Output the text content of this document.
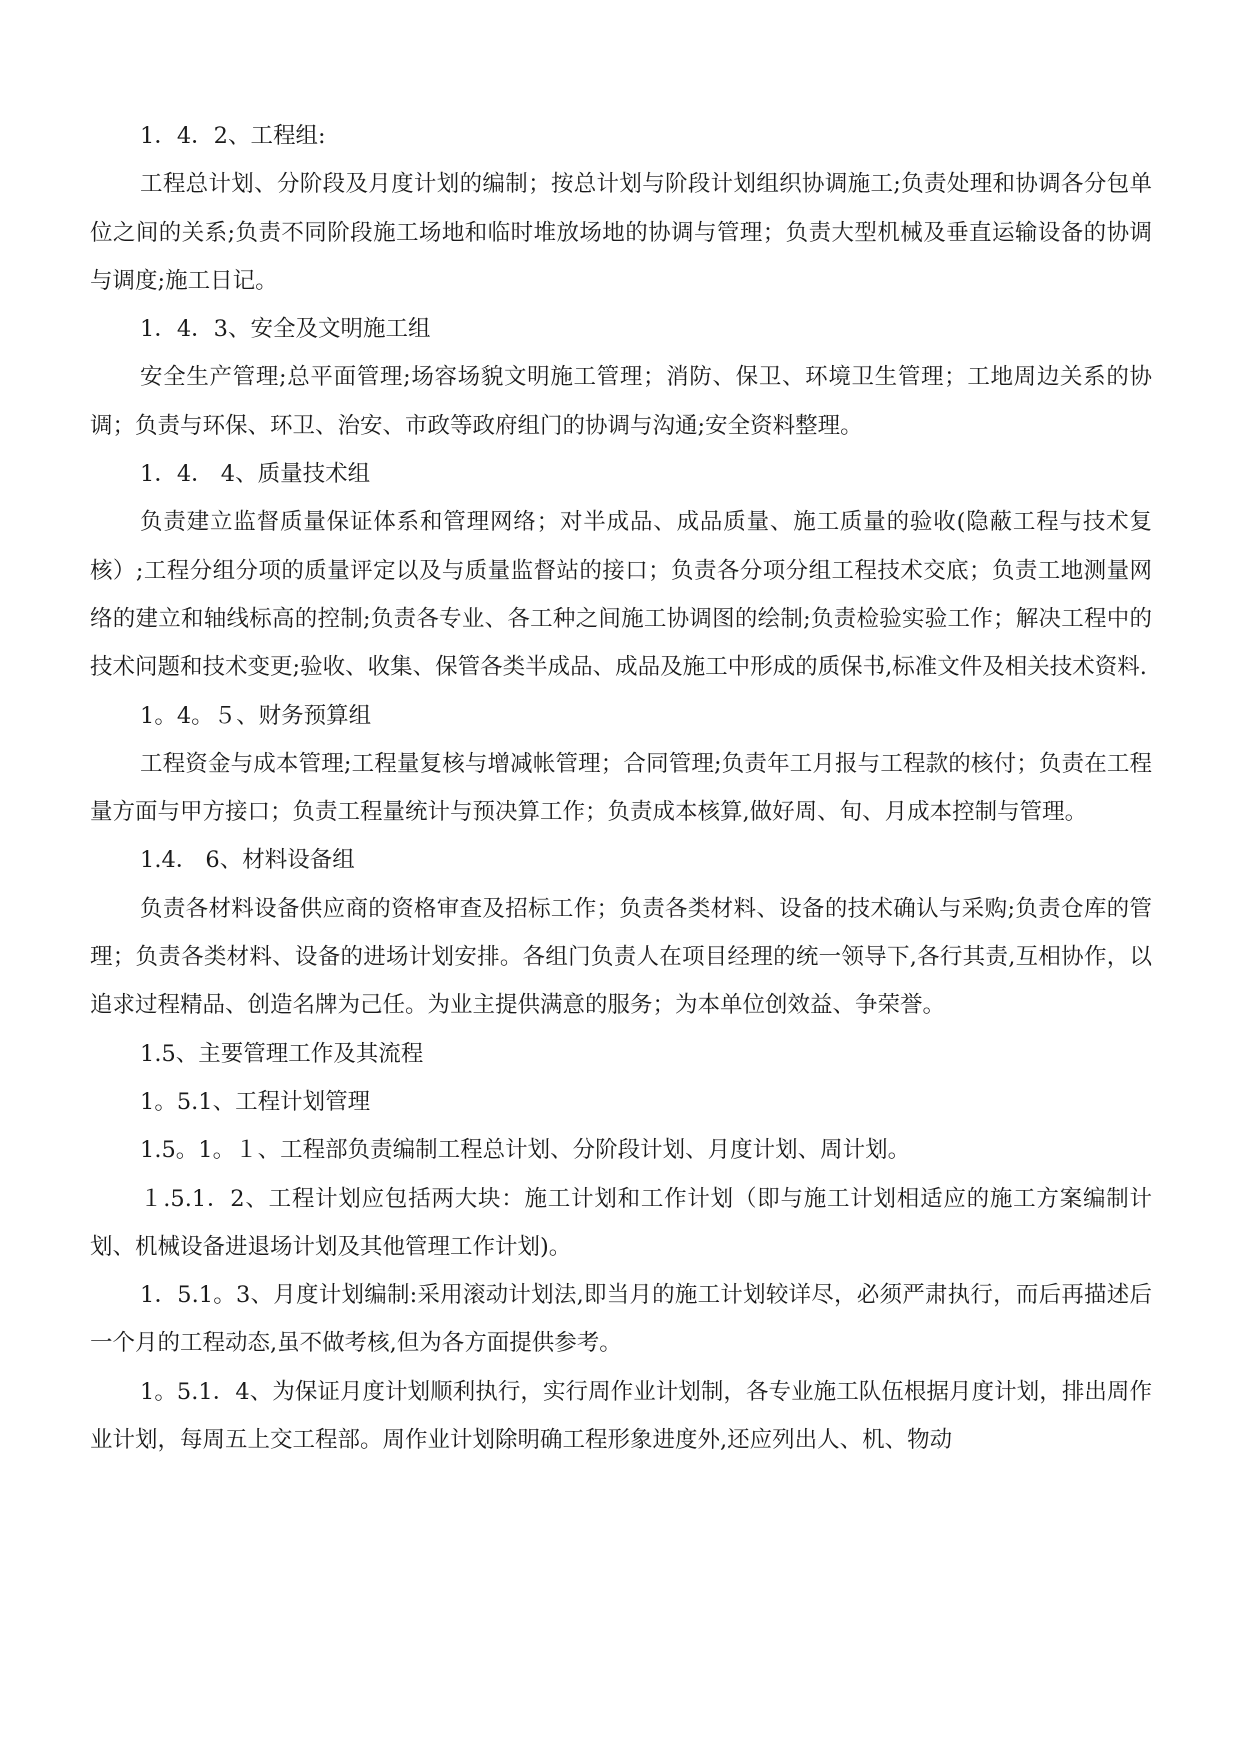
1．4．2、工程组:

工程总计划、分阶段及月度计划的编制；按总计划与阶段计划组织协调施工;负责处理和协调各分包单位之间的关系;负责不同阶段施工场地和临时堆放场地的协调与管理；负责大型机械及垂直运输设备的协调与调度;施工日记。

1．4．3、安全及文明施工组

安全生产管理;总平面管理;场容场貌文明施工管理；消防、保卫、环境卫生管理；工地周边关系的协调；负责与环保、环卫、治安、市政等政府组门的协调与沟通;安全资料整理。

1．4． 4、质量技术组

负责建立监督质量保证体系和管理网络；对半成品、成品质量、施工质量的验收(隐蔽工程与技术复核）;工程分组分项的质量评定以及与质量监督站的接口；负责各分项分组工程技术交底；负责工地测量网络的建立和轴线标高的控制;负责各专业、各工种之间施工协调图的绘制;负责检验实验工作；解决工程中的技术问题和技术变更;验收、收集、保管各类半成品、成品及施工中形成的质保书,标准文件及相关技术资料.

1。4。５、财务预算组

工程资金与成本管理;工程量复核与增减帐管理；合同管理;负责年工月报与工程款的核付；负责在工程量方面与甲方接口；负责工程量统计与预决算工作；负责成本核算,做好周、旬、月成本控制与管理。

1.4． 6、材料设备组

负责各材料设备供应商的资格审查及招标工作；负责各类材料、设备的技术确认与采购;负责仓库的管理；负责各类材料、设备的进场计划安排。各组门负责人在项目经理的统一领导下,各行其责,互相协作，以追求过程精品、创造名牌为己任。为业主提供满意的服务；为本单位创效益、争荣誉。

1.5、主要管理工作及其流程

1。5.1、工程计划管理

1.5。1。１、工程部负责编制工程总计划、分阶段计划、月度计划、周计划。

１.5.1．2、工程计划应包括两大块：施工计划和工作计划（即与施工计划相适应的施工方案编制计划、机械设备进退场计划及其他管理工作计划)。

1．5.1。3、月度计划编制:采用滚动计划法,即当月的施工计划较详尽，必须严肃执行，而后再描述后一个月的工程动态,虽不做考核,但为各方面提供参考。

1。5.1．4、为保证月度计划顺利执行，实行周作业计划制，各专业施工队伍根据月度计划，排出周作业计划，每周五上交工程部。周作业计划除明确工程形象进度外,还应列出人、机、物动
